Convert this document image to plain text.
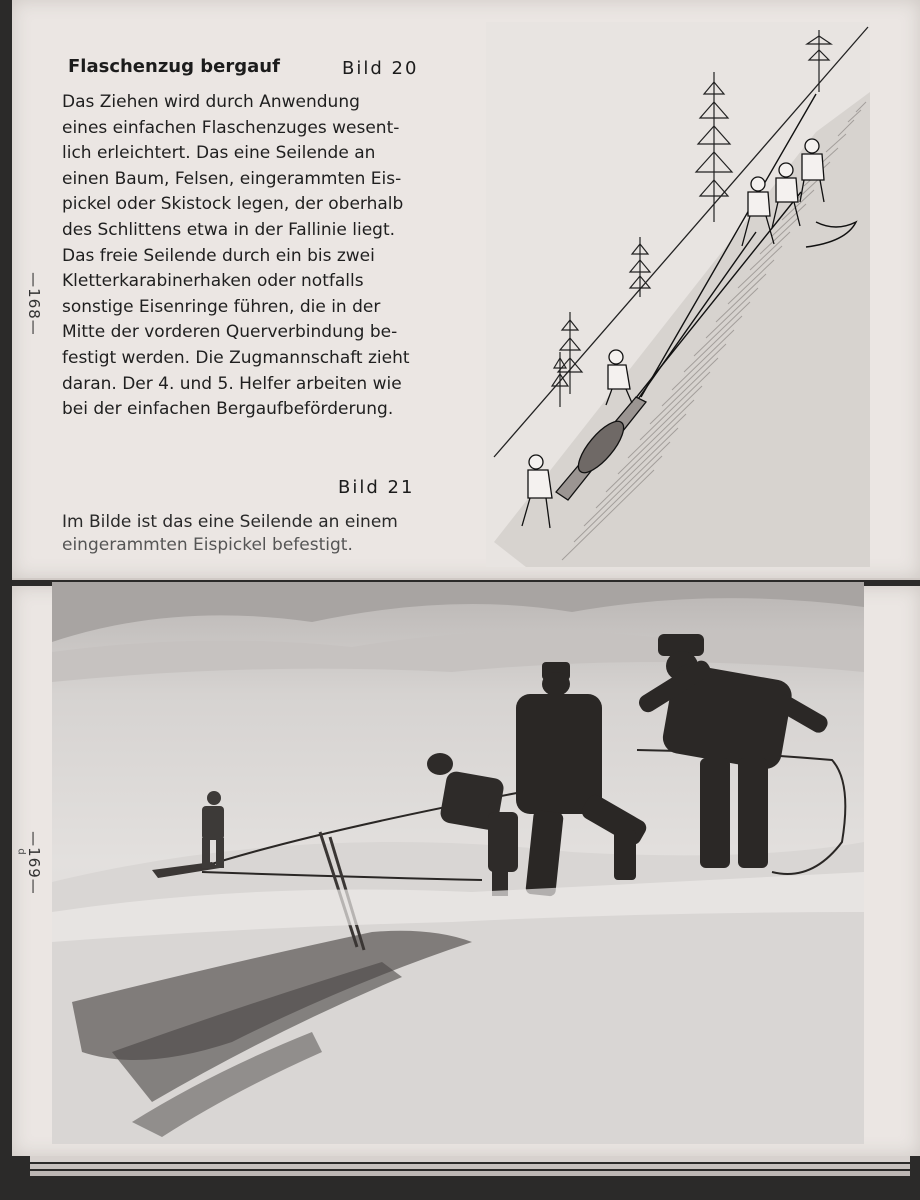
—168—
Flaschenzug bergauf	Bild 20
Das Ziehen wird durch Anwendung
eines einfachen Flaschenzuges wesent-
lich erleichtert. Das eine Seilende an
einen Baum, Felsen, eingerammten Eis-
pickel oder Skistock legen, der oberhalb
des Schlittens etwa in der Fallinie liegt.
Das freie Seilende durch ein bis zwei
Kletterkarabinerhaken oder notfalls
sonstige Eisenringe führen, die in der
Mitte der vorderen Querverbindung be-
festigt werden. Die Zugmannschaft zieht
daran. Der 4. und 5. Helfer arbeiten wie
bei der einfachen Bergaufbeförderung.
Bild 21
Im Bilde ist das eine Seilende an einem
eingerammten Eispickel befestigt.
—169—
d
